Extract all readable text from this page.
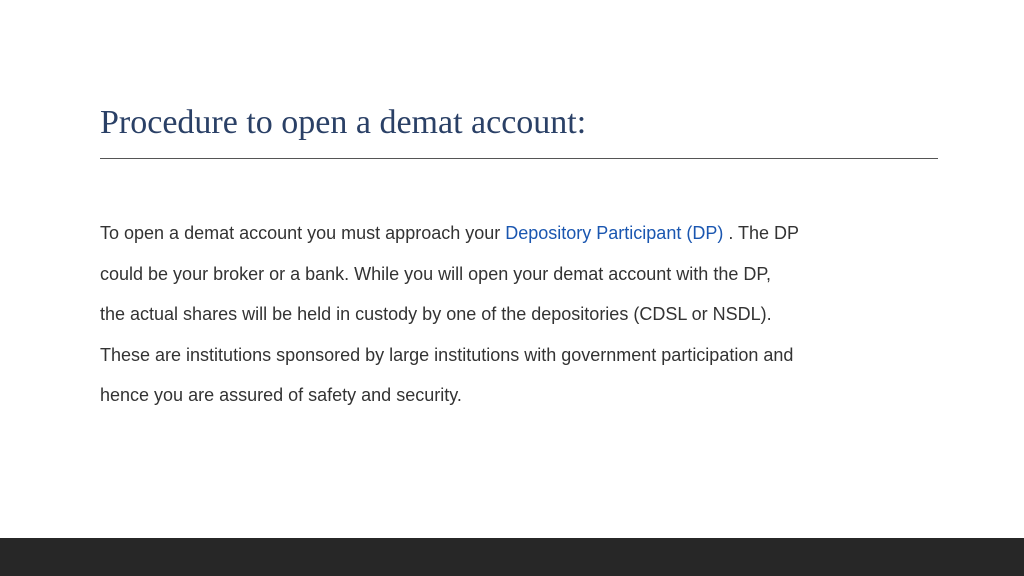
Procedure to open a demat account:
To open a demat account you must approach your Depository Participant (DP) . The DP
could be your broker or a bank. While you will open your demat account with the DP,
the actual shares will be held in custody by one of the depositories (CDSL or NSDL).
These are institutions sponsored by large institutions with government participation and
hence you are assured of safety and security.
